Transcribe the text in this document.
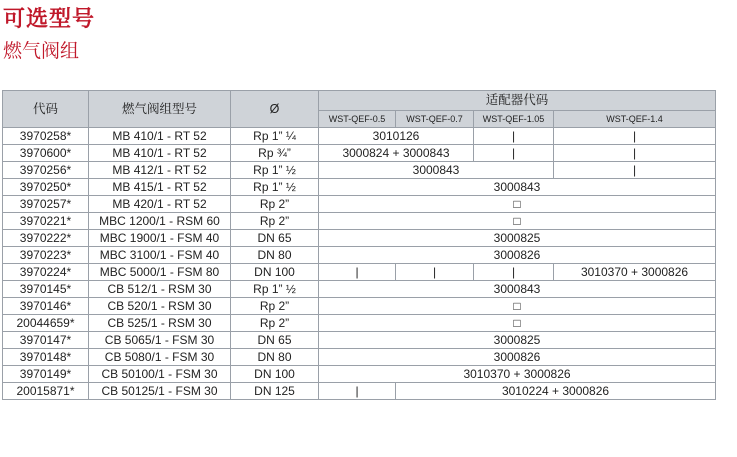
可选型号
燃气阀组
代码	燃气阀组型号	Ø	适配器代码			
			WST-QEF-0.5	WST-QEF-0.7	WST-QEF-1.05	WST-QEF-1.4
3970258*	MB 410/1 - RT 52	Rp 1” ¼	3010126		|	|
3970600*	MB 410/1 - RT 52	Rp ¾”	3000824 + 3000843		|	|
3970256*	MB 412/1 - RT 52	Rp 1” ½	3000843			|
3970250*	MB 415/1 - RT 52	Rp 1” ½	3000843			
3970257*	MB 420/1 - RT 52	Rp 2”	□			
3970221*	MBC 1200/1 - RSM 60	Rp 2”	□			
3970222*	MBC 1900/1 - FSM 40	DN 65	3000825			
3970223*	MBC 3100/1 - FSM 40	DN 80	3000826			
3970224*	MBC 5000/1 - FSM 80	DN 100	|	|	|	3010370 + 3000826
3970145*	CB 512/1 - RSM 30	Rp 1” ½	3000843			
3970146*	CB 520/1 - RSM 30	Rp 2”	□			
20044659*	CB 525/1 - RSM 30	Rp 2”	□			
3970147*	CB 5065/1 - FSM 30	DN 65	3000825			
3970148*	CB 5080/1 - FSM 30	DN 80	3000826			
3970149*	CB 50100/1 - FSM 30	DN 100	3010370 + 3000826			
20015871*	CB 50125/1 - FSM 30	DN 125	|	3010224 + 3000826		
